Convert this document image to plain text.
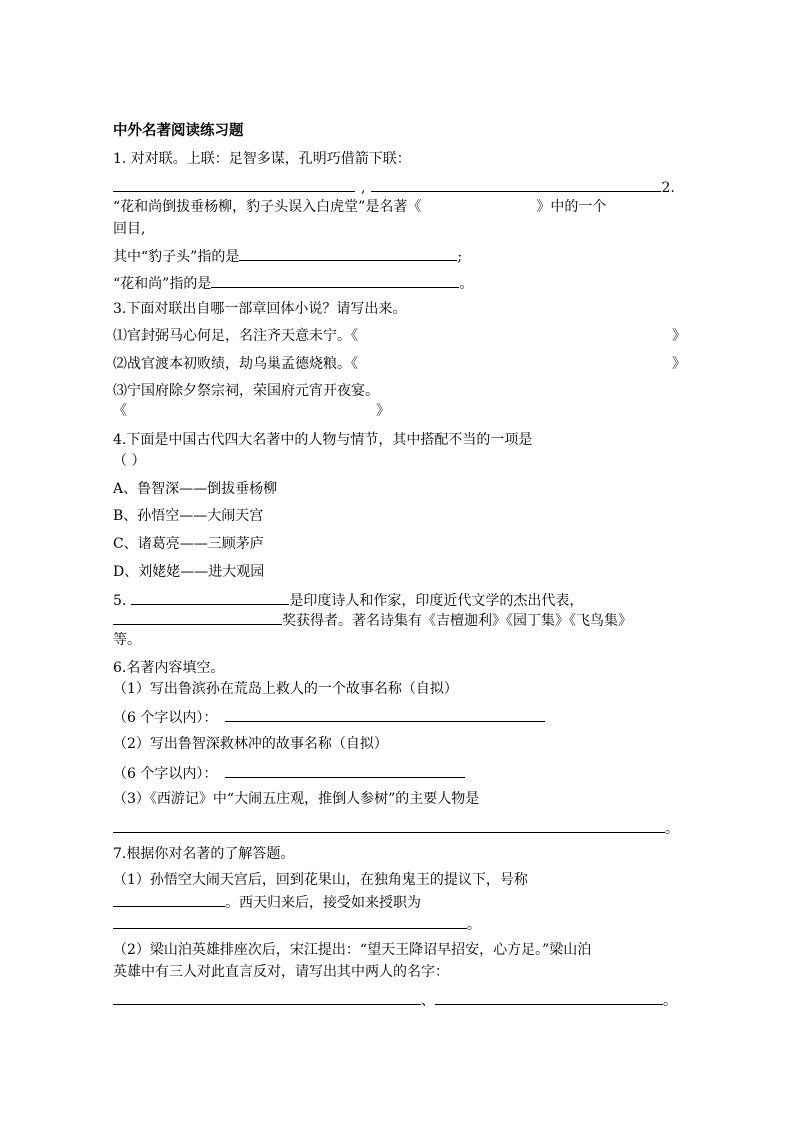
中外名著阅读练习题
1. 对对联。上联：足智多谋，孔明巧借箭下联：
,	2.
“花和尚倒拔垂杨柳，豹子头误入白虎堂”是名著《	》中的一个
回目,
其中“豹子头”指的是	;
“花和尚”指的是	。
3.下面对联出自哪一部章回体小说？请写出来。
⑴官封弼马心何足，名注齐天意未宁。《	》
⑵战官渡本初败绩，劫乌巢孟德烧粮。《	》
⑶宁国府除夕祭宗祠，荣国府元宵开夜宴。
《	》
4.下面是中国古代四大名著中的人物与情节，其中搭配不当的一项是
（ ）
A、鲁智深——倒拔垂杨柳
B、孙悟空——大闹天宫
C、诸葛亮——三顾茅庐
D、刘姥姥——进大观园
5.	是印度诗人和作家，印度近代文学的杰出代表，
奖获得者。著名诗集有《吉檀迦利》《园丁集》《飞鸟集》
等。
6.名著内容填空。
（1）写出鲁滨孙在荒岛上救人的一个故事名称（自拟）
（6 个字以内）：
（2）写出鲁智深救林冲的故事名称（自拟）
（6 个字以内）：
（3）《西游记》中“大闹五庄观，推倒人参树”的主要人物是
。
7.根据你对名著的了解答题。
（1）孙悟空大闹天宫后，回到花果山，在独角鬼王的提议下，号称
。西天归来后，接受如来授职为
。
（2）梁山泊英雄排座次后，宋江提出：“望天王降诏早招安，心方足。”梁山泊
英雄中有三人对此直言反对，请写出其中两人的名字：
、	。
